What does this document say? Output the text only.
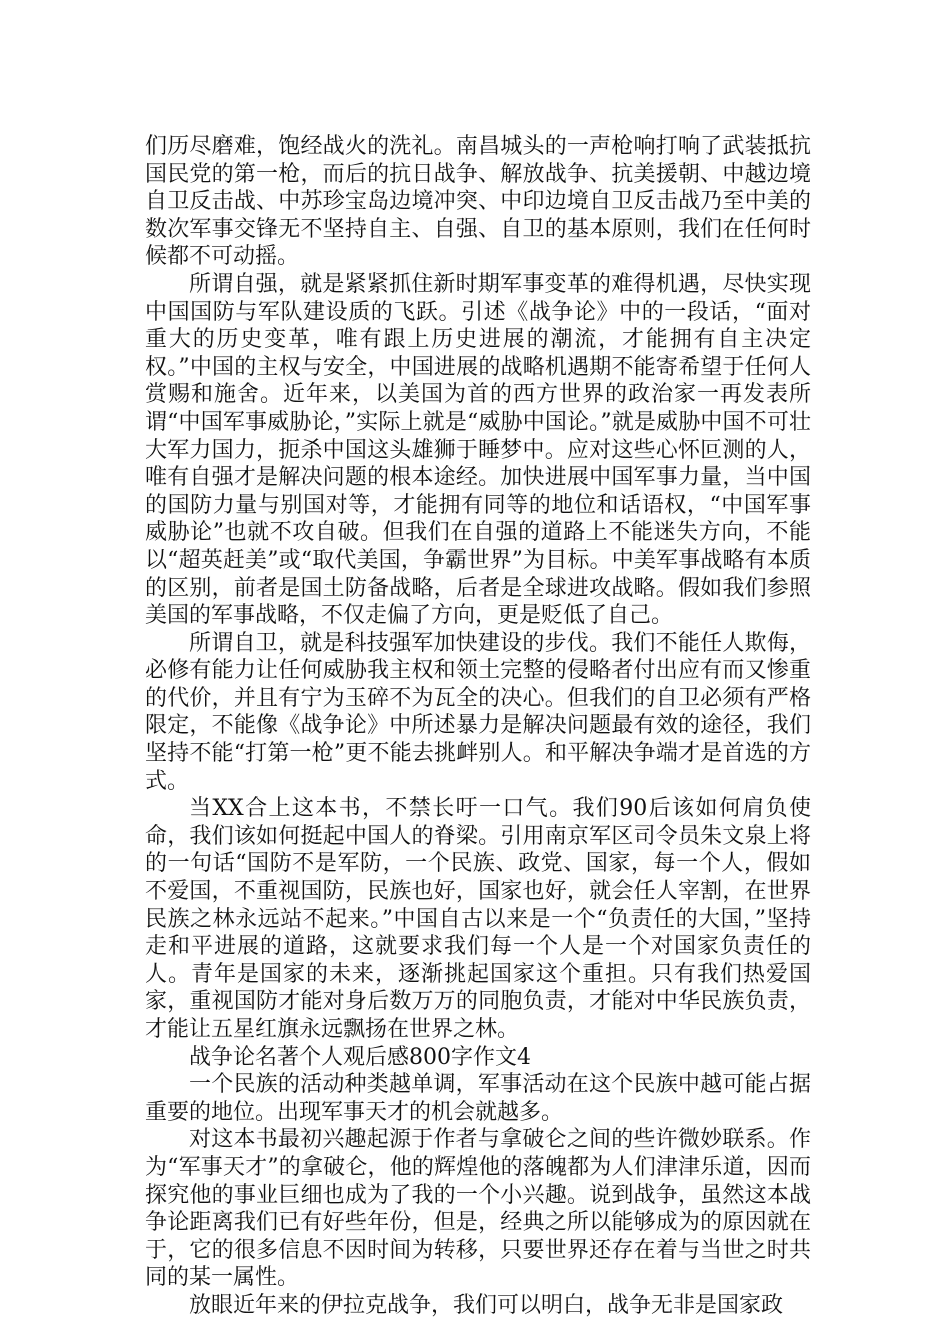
们历尽磨难，饱经战火的洗礼。南昌城头的一声枪响打响了武装抵抗国民党的第一枪，而后的抗日战争、解放战争、抗美援朝、中越边境自卫反击战、中苏珍宝岛边境冲突、中印边境自卫反击战乃至中美的数次军事交锋无不坚持自主、自强、自卫的基本原则，我们在任何时候都不可动摇。

所谓自强，就是紧紧抓住新时期军事变革的难得机遇，尽快实现中国国防与军队建设质的飞跃。引述《战争论》中的一段话，“面对重大的历史变革，唯有跟上历史进展的潮流，才能拥有自主决定权。”中国的主权与安全，中国进展的战略机遇期不能寄希望于任何人赏赐和施舍。近年来，以美国为首的西方世界的政治家一再发表所谓“中国军事威胁论，”实际上就是“威胁中国论。”就是威胁中国不可壮大军力国力，扼杀中国这头雄狮于睡梦中。应对这些心怀叵测的人，唯有自强才是解决问题的根本途经。加快进展中国军事力量，当中国的国防力量与别国对等，才能拥有同等的地位和话语权，“中国军事威胁论”也就不攻自破。但我们在自强的道路上不能迷失方向，不能以“超英赶美”或“取代美国，争霸世界”为目标。中美军事战略有本质的区别，前者是国土防备战略，后者是全球进攻战略。假如我们参照美国的军事战略，不仅走偏了方向，更是贬低了自己。

所谓自卫，就是科技强军加快建设的步伐。我们不能任人欺侮，必修有能力让任何威胁我主权和领土完整的侵略者付出应有而又惨重的代价，并且有宁为玉碎不为瓦全的决心。但我们的自卫必须有严格限定，不能像《战争论》中所述暴力是解决问题最有效的途径，我们坚持不能“打第一枪”更不能去挑衅别人。和平解决争端才是首选的方式。

当XX合上这本书，不禁长吁一口气。我们90后该如何肩负使命，我们该如何挺起中国人的脊梁。引用南京军区司令员朱文泉上将的一句话“国防不是军防，一个民族、政党、国家，每一个人，假如不爱国，不重视国防，民族也好，国家也好，就会任人宰割，在世界民族之林永远站不起来。”中国自古以来是一个“负责任的大国，”坚持走和平进展的道路，这就要求我们每一个人是一个对国家负责任的人。青年是国家的未来，逐渐挑起国家这个重担。只有我们热爱国家，重视国防才能对身后数万万的同胞负责，才能对中华民族负责，才能让五星红旗永远飘扬在世界之林。

战争论名著个人观后感800字作文4

一个民族的活动种类越单调，军事活动在这个民族中越可能占据重要的地位。出现军事天才的机会就越多。

对这本书最初兴趣起源于作者与拿破仑之间的些许微妙联系。作为“军事天才”的拿破仑，他的辉煌他的落魄都为人们津津乐道，因而探究他的事业巨细也成为了我的一个小兴趣。说到战争，虽然这本战争论距离我们已有好些年份，但是，经典之所以能够成为的原因就在于，它的很多信息不因时间为转移，只要世界还存在着与当世之时共同的某一属性。

放眼近年来的伊拉克战争，我们可以明白，战争无非是国家政
